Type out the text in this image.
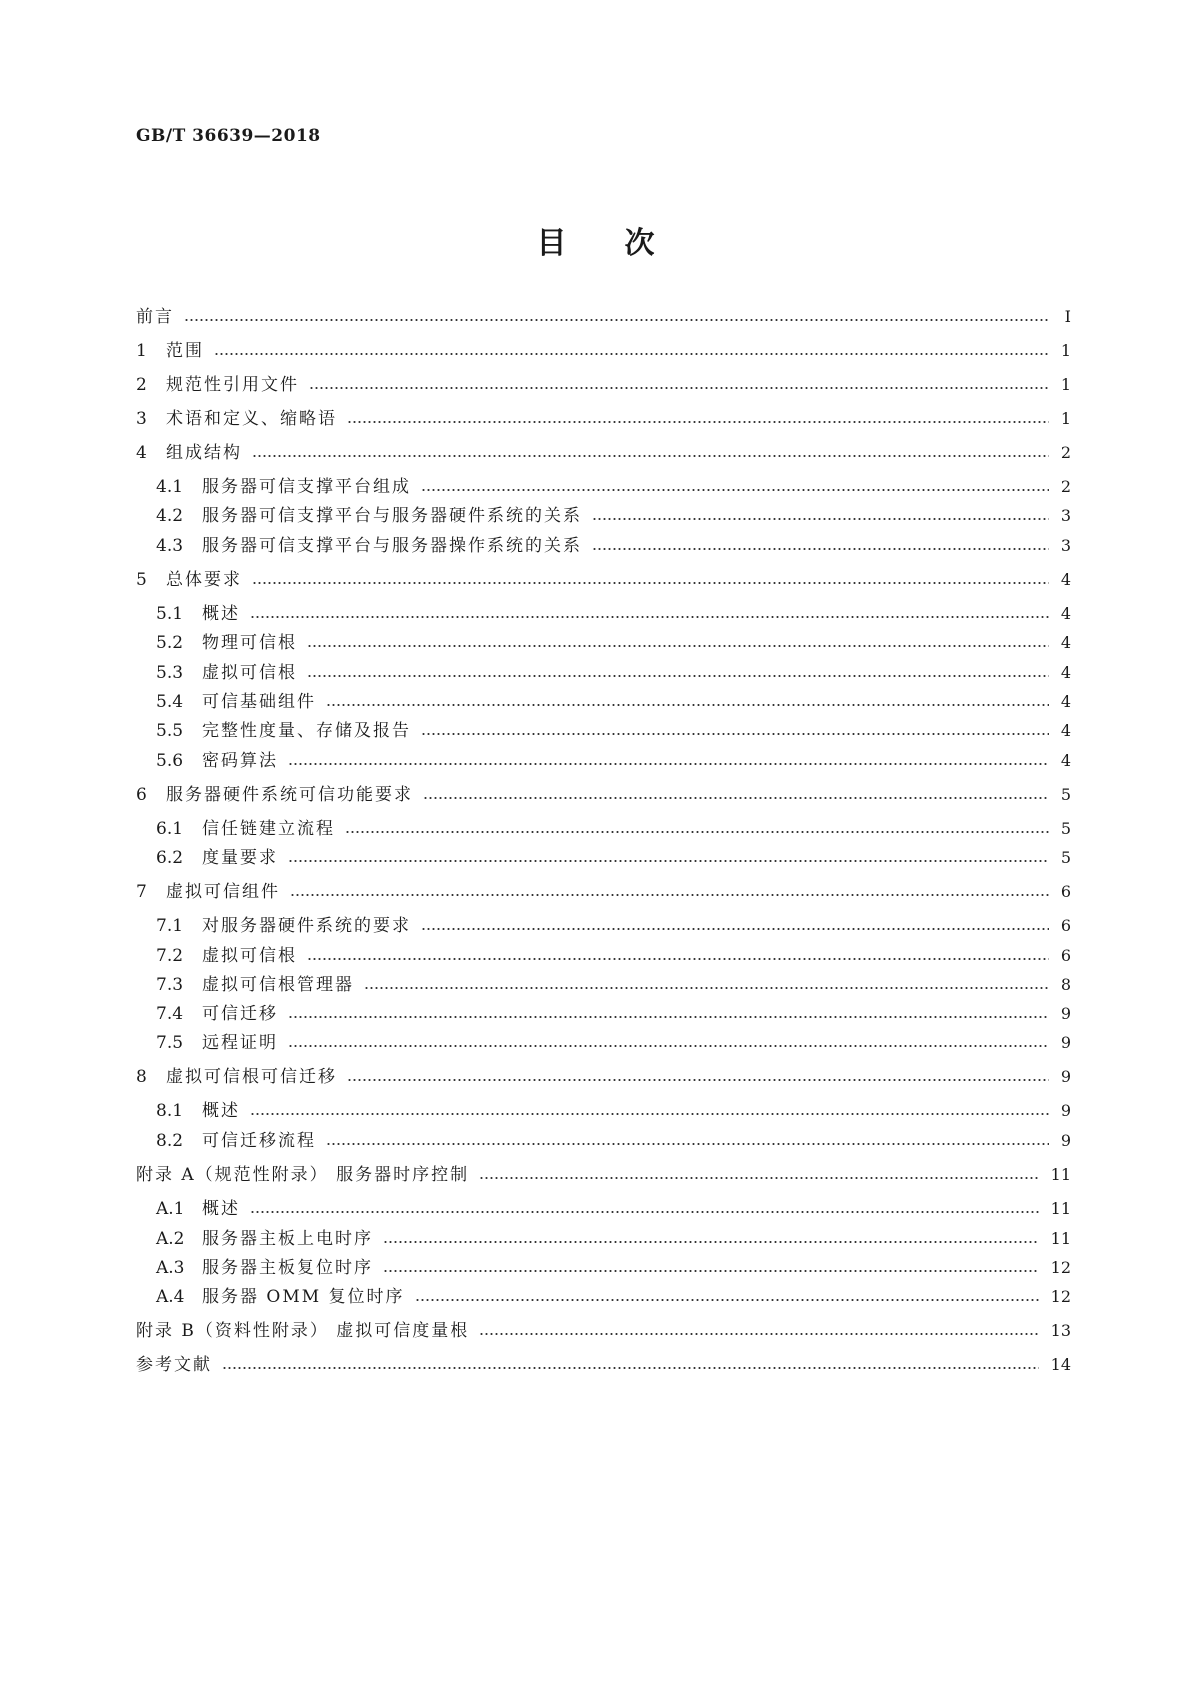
GB/T 36639—2018
目 次
前言	Ⅰ
1	范围	1
2	规范性引用文件	1
3	术语和定义、缩略语	1
4	组成结构	2
4.1	服务器可信支撑平台组成	2
4.2	服务器可信支撑平台与服务器硬件系统的关系	3
4.3	服务器可信支撑平台与服务器操作系统的关系	3
5	总体要求	4
5.1	概述	4
5.2	物理可信根	4
5.3	虚拟可信根	4
5.4	可信基础组件	4
5.5	完整性度量、存储及报告	4
5.6	密码算法	4
6	服务器硬件系统可信功能要求	5
6.1	信任链建立流程	5
6.2	度量要求	5
7	虚拟可信组件	6
7.1	对服务器硬件系统的要求	6
7.2	虚拟可信根	6
7.3	虚拟可信根管理器	8
7.4	可信迁移	9
7.5	远程证明	9
8	虚拟可信根可信迁移	9
8.1	概述	9
8.2	可信迁移流程	9
附录 A（规范性附录） 服务器时序控制	11
A.1	概述	11
A.2	服务器主板上电时序	11
A.3	服务器主板复位时序	12
A.4	服务器 OMM 复位时序	12
附录 B（资料性附录） 虚拟可信度量根	13
参考文献	14
